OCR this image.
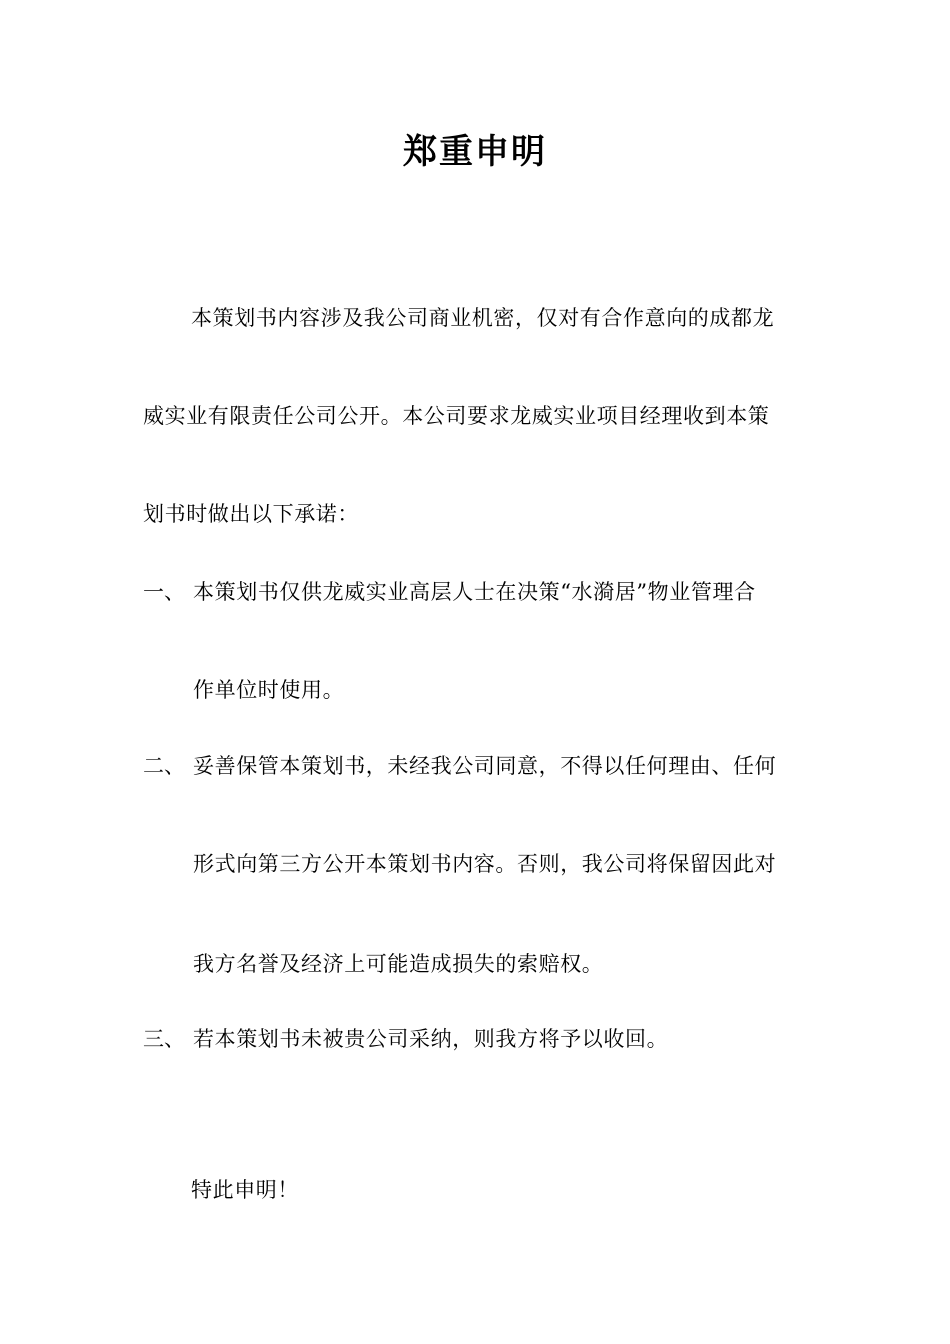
郑重申明
本策划书内容涉及我公司商业机密，仅对有合作意向的成都龙
威实业有限责任公司公开。本公司要求龙威实业项目经理收到本策
划书时做出以下承诺：
一、 本策划书仅供龙威实业高层人士在决策“水漪居”物业管理合
作单位时使用。
二、 妥善保管本策划书，未经我公司同意，不得以任何理由、任何
形式向第三方公开本策划书内容。否则，我公司将保留因此对
我方名誉及经济上可能造成损失的索赔权。
三、 若本策划书未被贵公司采纳，则我方将予以收回。
特此申明！
